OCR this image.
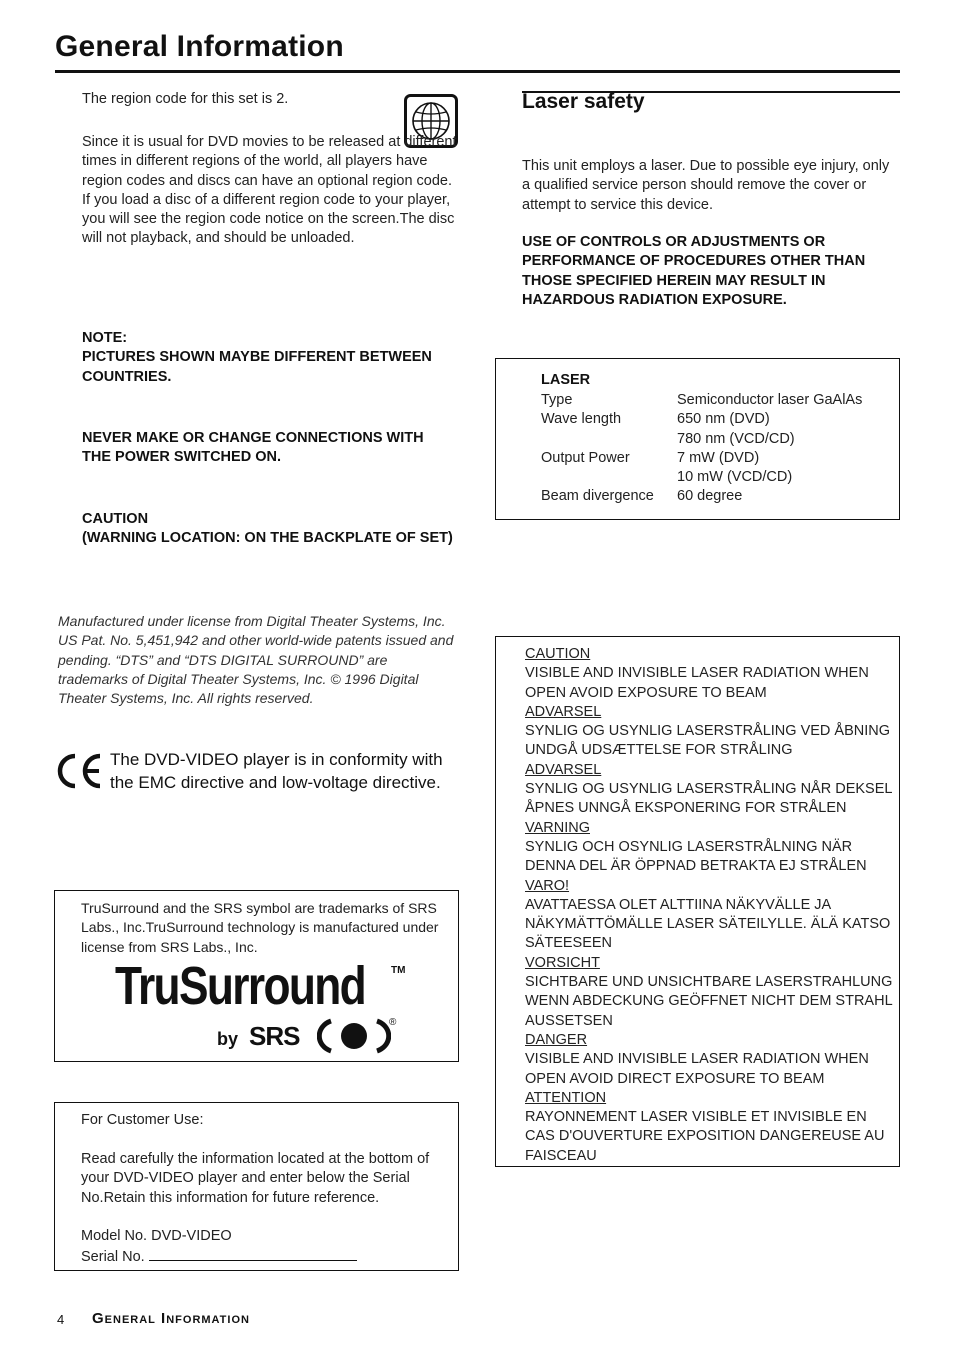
General Information
The region code for this set is 2.
Since it is usual for DVD movies to be released at different times in different regions of the world, all players have region codes and discs can have an optional region code. If you load a disc of a different region code to your player, you will see the region code notice on the screen.The disc will not playback, and should be unloaded.
NOTE:
PICTURES SHOWN MAYBE DIFFERENT BETWEEN COUNTRIES.
NEVER MAKE OR CHANGE CONNECTIONS WITH THE POWER SWITCHED ON.
CAUTION
(WARNING LOCATION: ON THE BACKPLATE OF SET)
Manufactured under license from Digital Theater Systems, Inc. US Pat. No. 5,451,942 and other world-wide patents issued and pending. “DTS” and “DTS DIGITAL SURROUND” are trademarks of Digital Theater Systems, Inc. © 1996 Digital Theater Systems, Inc. All rights reserved.
The DVD-VIDEO player is in conformity with the EMC directive and low-voltage directive.
TruSurround and the SRS symbol are trademarks of SRS Labs., Inc.TruSurround technology is manufactured under license from SRS Labs., Inc.
TruSurround	TM
by SRS	®
For Customer Use:
Read carefully the information located at the bottom of your DVD-VIDEO player and enter below the Serial No.Retain this information for future reference.
Model No. DVD-VIDEO
Serial No.
Laser safety
This unit employs a laser. Due to possible eye injury, only a qualified service person should remove the cover or attempt to service this device.
USE OF CONTROLS OR ADJUSTMENTS OR PERFORMANCE OF PROCEDURES OTHER THAN THOSE SPECIFIED HEREIN MAY RESULT IN HAZARDOUS RADIATION EXPOSURE.
LASER
Type	Semiconductor laser GaAlAs
Wave length	650 nm (DVD)
	780 nm (VCD/CD)
Output Power	7 mW (DVD)
	10 mW (VCD/CD)
Beam divergence	60 degree
CAUTION
VISIBLE AND INVISIBLE LASER RADIATION WHEN OPEN AVOID EXPOSURE TO BEAM
ADVARSEL
SYNLIG OG USYNLIG LASERSTRÅLING VED ÅBNING UNDGÅ UDSÆTTELSE FOR STRÅLING
ADVARSEL
SYNLIG OG USYNLIG LASERSTRÅLING NÅR DEKSEL ÅPNES UNNGÅ EKSPONERING FOR STRÅLEN
VARNING
SYNLIG OCH OSYNLIG LASERSTRÅLNING NÄR DENNA DEL ÄR ÖPPNAD BETRAKTA EJ STRÅLEN
VARO!
AVATTAESSA OLET ALTTIINA NÄKYVÄLLE JA NÄKYMÄTTÖMÄLLE LASER SÄTEILYLLE. ÄLÄ KATSO SÄTEESEEN
VORSICHT
SICHTBARE UND UNSICHTBARE LASERSTRAHLUNG WENN ABDECKUNG GEÖFFNET NICHT DEM STRAHL AUSSETSEN
DANGER
VISIBLE AND INVISIBLE LASER RADIATION WHEN OPEN AVOID DIRECT EXPOSURE TO BEAM
ATTENTION
RAYONNEMENT LASER VISIBLE ET INVISIBLE EN CAS D'OUVERTURE EXPOSITION DANGEREUSE AU FAISCEAU
4 General Information
